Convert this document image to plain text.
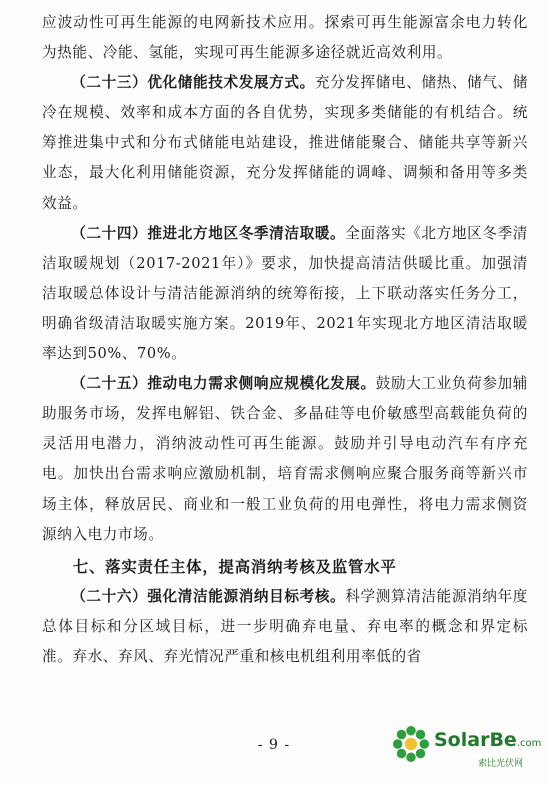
应波动性可再生能源的电网新技术应用。探索可再生能源富余电力转化为热能、冷能、氢能，实现可再生能源多途径就近高效利用。

（二十三）优化储能技术发展方式。充分发挥储电、储热、储气、储冷在规模、效率和成本方面的各自优势，实现多类储能的有机结合。统筹推进集中式和分布式储能电站建设，推进储能聚合、储能共享等新兴业态，最大化利用储能资源，充分发挥储能的调峰、调频和备用等多类效益。

（二十四）推进北方地区冬季清洁取暖。全面落实《北方地区冬季清洁取暖规划（2017-2021年）》要求，加快提高清洁供暖比重。加强清洁取暖总体设计与清洁能源消纳的统筹衔接，上下联动落实任务分工，明确省级清洁取暖实施方案。2019年、2021年实现北方地区清洁取暖率达到50%、70%。

（二十五）推动电力需求侧响应规模化发展。鼓励大工业负荷参加辅助服务市场，发挥电解铝、铁合金、多晶硅等电价敏感型高载能负荷的灵活用电潜力，消纳波动性可再生能源。鼓励并引导电动汽车有序充电。加快出台需求响应激励机制，培育需求侧响应聚合服务商等新兴市场主体，释放居民、商业和一般工业负荷的用电弹性，将电力需求侧资源纳入电力市场。

七、落实责任主体，提高消纳考核及监管水平

（二十六）强化清洁能源消纳目标考核。科学测算清洁能源消纳年度总体目标和分区域目标，进一步明确弃电量、弃电率的概念和界定标准。弃水、弃风、弃光情况严重和核电机组利用率低的省

- 9 -	SolarBe.com
索比光伏网
